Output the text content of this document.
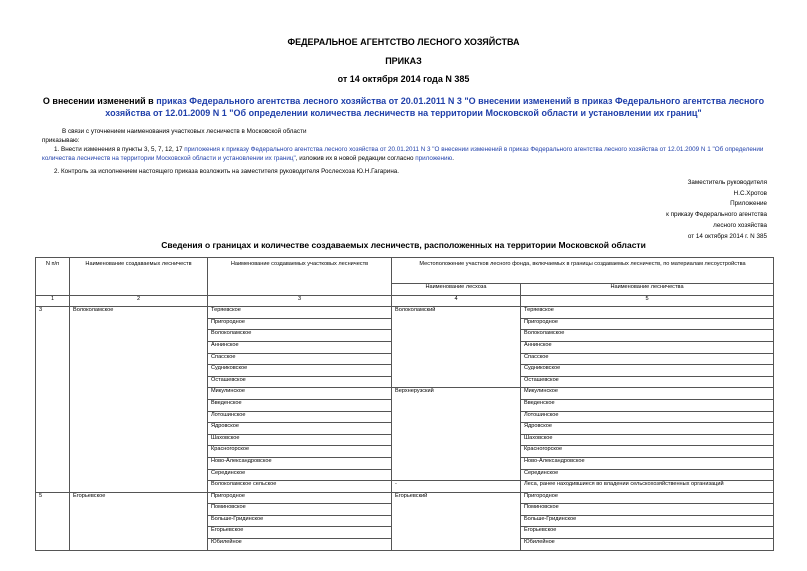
ФЕДЕРАЛЬНОЕ АГЕНТСТВО ЛЕСНОГО ХОЗЯЙСТВА
ПРИКАЗ
от 14 октября 2014 года N 385
О внесении изменений в приказ Федерального агентства лесного хозяйства от 20.01.2011 N 3 "О внесении изменений в приказ Федерального агентства лесного хозяйства от 12.01.2009 N 1 "Об определении количества лесничеств на территории Московской области и установлении их границ"
В связи с уточнением наименования участковых лесничеств в Московской области
приказываю:
1. Внести изменения в пункты 3, 5, 7, 12, 17 приложения к приказу Федерального агентства лесного хозяйства от 20.01.2011 N 3 "О внесении изменений в приказ Федерального агентства лесного хозяйства от 12.01.2009 N 1 "Об определении количества лесничеств на территории Московской области и установлении их границ", изложив их в новой редакции согласно приложению.
2. Контроль за исполнением настоящего приказа возложить на заместителя руководителя Рослесхоза Ю.Н.Гагарина.
Заместитель руководителя
Н.С.Хротов
Приложение
к приказу Федерального агентства
лесного хозяйства
от 14 октября 2014 г. N 385
Сведения о границах и количестве создаваемых лесничеств, расположенных на территории Московской области
N п/п	Наименование создаваемых лесничеств	Наименование создаваемых участковых лесничеств	Местоположение участков лесного фонда, включаемых в границы создаваемых лесничеств, по материалам лесоустройства	
			Наименование лесхоза	Наименование лесничества
1	2	3	4	5
3	Волоколамское	Теряевское	Волоколамский	Теряевское
		Пригородное		Пригородное
		Волоколамское		Волоколамское
		Аннинское		Аннинское
		Спасское		Спасское
		Судниковское		Судниковское
		Осташевское		Осташевское
		Микулинское	Верхнерузский	Микулинское
		Введенское		Введенское
		Лотошинское		Лотошинское
		Ядровское		Ядровское
		Шаховское		Шаховское
		Красногорское		Красногорское
		Ново-Александровское		Ново-Александровское
		Серединское		Серединское
		Волоколамское сельское	-	Леса, ранее находившиеся во владении сельскохозяйственных организаций
5	Егорьевское	Пригородное	Егорьевский	Пригородное
		Поминовское		Поминовское
		Больше-Гридинское		Больше-Гридинское
		Егорьевское		Егорьевское
		Юбилейное		Юбилейное
